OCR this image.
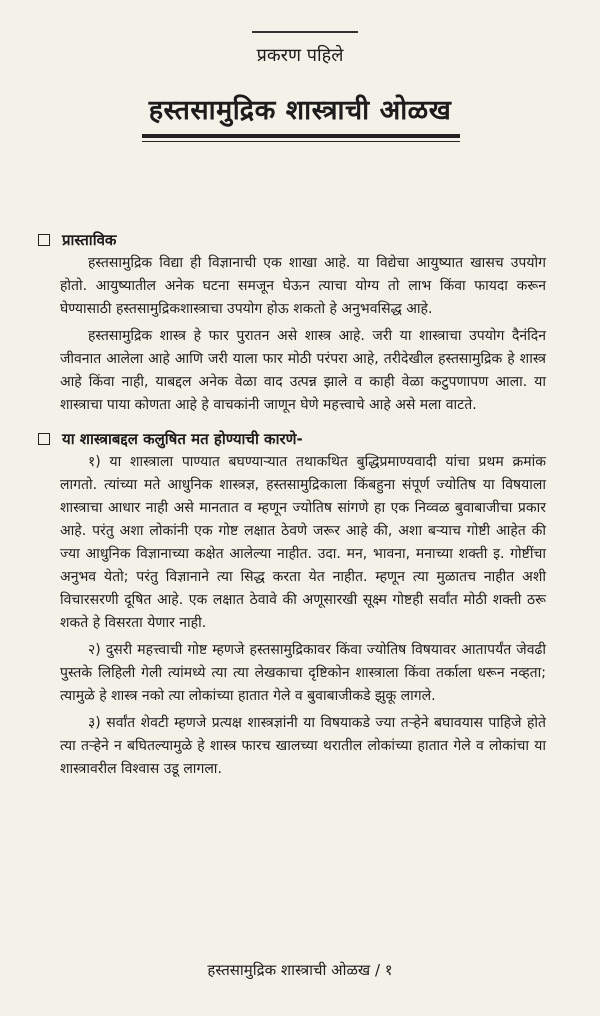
प्रकरण पहिले
हस्तसामुद्रिक शास्त्राची ओळख
प्रास्ताविक

हस्तसामुद्रिक विद्या ही विज्ञानाची एक शाखा आहे. या विद्येचा आयुष्यात खासच उपयोग होतो. आयुष्यातील अनेक घटना समजून घेऊन त्याचा योग्य तो लाभ किंवा फायदा करून घेण्यासाठी हस्तसामुद्रिकशास्त्राचा उपयोग होऊ शकतो हे अनुभवसिद्ध आहे.

हस्तसामुद्रिक शास्त्र हे फार पुरातन असे शास्त्र आहे. जरी या शास्त्राचा उपयोग दैनंदिन जीवनात आलेला आहे आणि जरी याला फार मोठी परंपरा आहे, तरीदेखील हस्तसामुद्रिक हे शास्त्र आहे किंवा नाही, याबद्दल अनेक वेळा वाद उत्पन्न झाले व काही वेळा कटुपणापण आला. या शास्त्राचा पाया कोणता आहे हे वाचकांनी जाणून घेणे महत्त्वाचे आहे असे मला वाटते.

या शास्त्राबद्दल कलुषित मत होण्याची कारणे-

१) या शास्त्राला पाण्यात बघण्याऱ्यात तथाकथित बुद्धिप्रमाण्यवादी यांचा प्रथम क्रमांक लागतो. त्यांच्या मते आधुनिक शास्त्रज्ञ, हस्तसामुद्रिकाला किंबहुना संपूर्ण ज्योतिष या विषयाला शास्त्राचा आधार नाही असे मानतात व म्हणून ज्योतिष सांगणे हा एक निव्वळ बुवाबाजीचा प्रकार आहे. परंतु अशा लोकांनी एक गोष्ट लक्षात ठेवणे जरूर आहे की, अशा बऱ्याच गोष्टी आहेत की ज्या आधुनिक विज्ञानाच्या कक्षेत आलेल्या नाहीत. उदा. मन, भावना, मनाच्या शक्ती इ. गोष्टींचा अनुभव येतो; परंतु विज्ञानाने त्या सिद्ध करता येत नाहीत. म्हणून त्या मुळातच नाहीत अशी विचारसरणी दूषित आहे. एक लक्षात ठेवावे की अणूसारखी सूक्ष्म गोष्टही सर्वांत मोठी शक्ती ठरू शकते हे विसरता येणार नाही.

२) दुसरी महत्त्वाची गोष्ट म्हणजे हस्तसामुद्रिकावर किंवा ज्योतिष विषयावर आतापर्यंत जेवढी पुस्तके लिहिली गेली त्यांमध्ये त्या त्या लेखकाचा दृष्टिकोन शास्त्राला किंवा तर्काला धरून नव्हता; त्यामुळे हे शास्त्र नको त्या लोकांच्या हातात गेले व बुवाबाजीकडे झुकू लागले.

३) सर्वांत शेवटी म्हणजे प्रत्यक्ष शास्त्रज्ञांनी या विषयाकडे ज्या तऱ्हेने बघावयास पाहिजे होते त्या तऱ्हेने न बघितल्यामुळे हे शास्त्र फारच खालच्या थरातील लोकांच्या हातात गेले व लोकांचा या शास्त्रावरील विश्वास उडू लागला.

हस्तसामुद्रिक शास्त्राची ओळख / १
